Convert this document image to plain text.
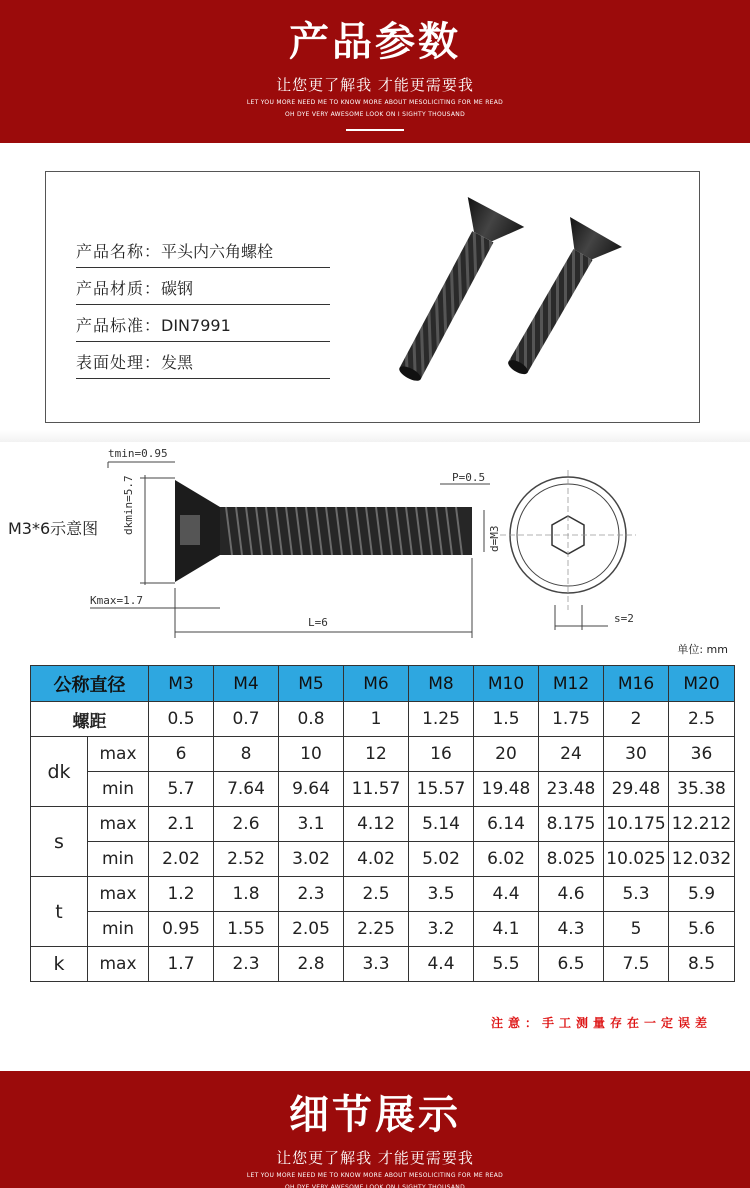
产品参数
让您更了解我 才能更需要我
LET YOU MORE NEED ME TO KNOW MORE ABOUT MESOLICITING FOR ME READ
OH DYE VERY AWESOME LOOK ON I SIGHTY THOUSAND
产品名称：平头内六角螺栓
产品材质：碳钢
产品标准：DIN7991
表面处理：发黑
M3*6示意图
tmin=0.95
dkmin=5.7
Kmax=1.7
L=6
P=0.5
d=M3
s=2
单位: mm
公称直径		M3	M4	M5	M6	M8	M10	M12	M16	M20
螺距		0.5	0.7	0.8	1	1.25	1.5	1.75	2	2.5
dk	max	6	8	10	12	16	20	24	30	36
	min	5.7	7.64	9.64	11.57	15.57	19.48	23.48	29.48	35.38
s	max	2.1	2.6	3.1	4.12	5.14	6.14	8.175	10.175	12.212
	min	2.02	2.52	3.02	4.02	5.02	6.02	8.025	10.025	12.032
t	max	1.2	1.8	2.3	2.5	3.5	4.4	4.6	5.3	5.9
	min	0.95	1.55	2.05	2.25	3.2	4.1	4.3	5	5.6
k	max	1.7	2.3	2.8	3.3	4.4	5.5	6.5	7.5	8.5
注意：手工测量存在一定误差
细节展示
让您更了解我 才能更需要我
LET YOU MORE NEED ME TO KNOW MORE ABOUT MESOLICITING FOR ME READ
OH DYE VERY AWESOME LOOK ON I SIGHTY THOUSAND
